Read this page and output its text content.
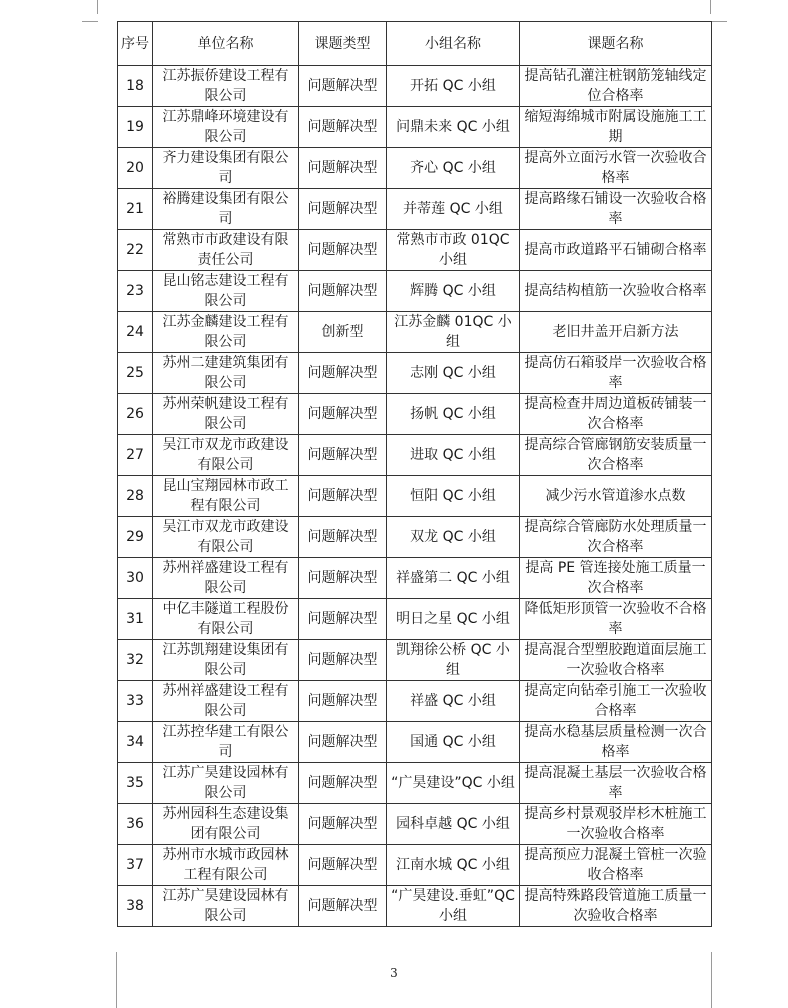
序号	单位名称	课题类型	小组名称	课题名称
18	江苏振侨建设工程有限公司	问题解决型	开拓 QC 小组	提高钻孔灌注桩钢筋笼轴线定位合格率
19	江苏鼎峰环境建设有限公司	问题解决型	问鼎未来 QC 小组	缩短海绵城市附属设施施工工期
20	齐力建设集团有限公司	问题解决型	齐心 QC 小组	提高外立面污水管一次验收合格率
21	裕腾建设集团有限公司	问题解决型	并蒂莲 QC 小组	提高路缘石铺设一次验收合格率
22	常熟市市政建设有限责任公司	问题解决型	常熟市市政 01QC 小组	提高市政道路平石铺砌合格率
23	昆山铭志建设工程有限公司	问题解决型	辉腾 QC 小组	提高结构植筋一次验收合格率
24	江苏金麟建设工程有限公司	创新型	江苏金麟 01QC 小组	老旧井盖开启新方法
25	苏州二建建筑集团有限公司	问题解决型	志刚 QC 小组	提高仿石箱驳岸一次验收合格率
26	苏州荣帆建设工程有限公司	问题解决型	扬帆 QC 小组	提高检查井周边道板砖铺装一次合格率
27	吴江市双龙市政建设有限公司	问题解决型	进取 QC 小组	提高综合管廊钢筋安装质量一次合格率
28	昆山宝翔园林市政工程有限公司	问题解决型	恒阳 QC 小组	减少污水管道渗水点数
29	吴江市双龙市政建设有限公司	问题解决型	双龙 QC 小组	提高综合管廊防水处理质量一次合格率
30	苏州祥盛建设工程有限公司	问题解决型	祥盛第二 QC 小组	提高 PE 管连接处施工质量一次合格率
31	中亿丰隧道工程股份有限公司	问题解决型	明日之星 QC 小组	降低矩形顶管一次验收不合格率
32	江苏凯翔建设集团有限公司	问题解决型	凯翔徐公桥 QC 小组	提高混合型塑胶跑道面层施工一次验收合格率
33	苏州祥盛建设工程有限公司	问题解决型	祥盛 QC 小组	提高定向钻牵引施工一次验收合格率
34	江苏控华建工有限公司	问题解决型	国通 QC 小组	提高水稳基层质量检测一次合格率
35	江苏广昊建设园林有限公司	问题解决型	“广昊建设”QC 小组	提高混凝土基层一次验收合格率
36	苏州园科生态建设集团有限公司	问题解决型	园科卓越 QC 小组	提高乡村景观驳岸杉木桩施工一次验收合格率
37	苏州市水城市政园林工程有限公司	问题解决型	江南水城 QC 小组	提高预应力混凝土管桩一次验收合格率
38	江苏广昊建设园林有限公司	问题解决型	“广昊建设.垂虹”QC 小组	提高特殊路段管道施工质量一次验收合格率
3
